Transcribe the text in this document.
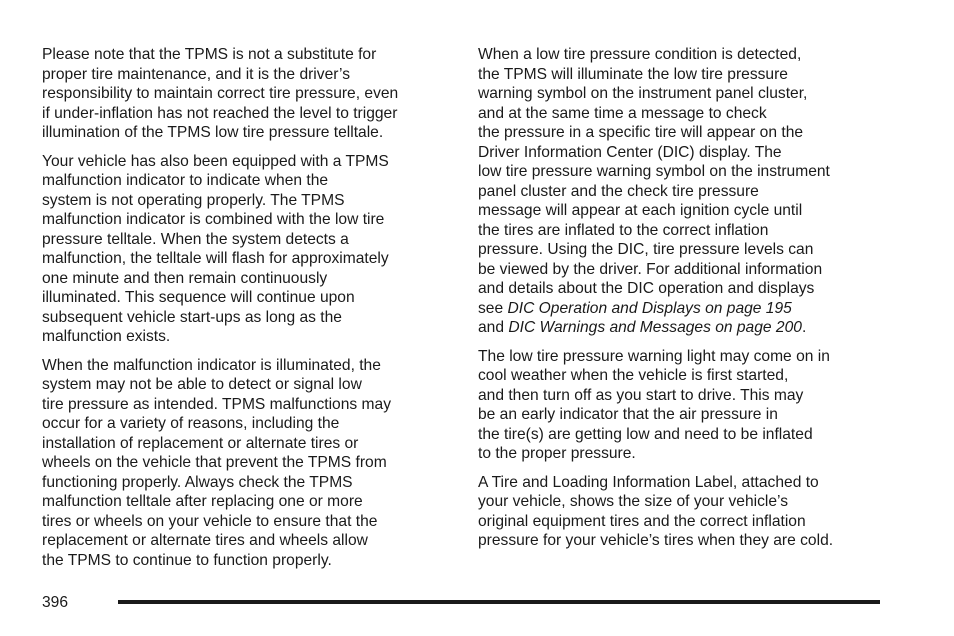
Please note that the TPMS is not a substitute for
proper tire maintenance, and it is the driver’s
responsibility to maintain correct tire pressure, even
if under-inflation has not reached the level to trigger
illumination of the TPMS low tire pressure telltale.

Your vehicle has also been equipped with a TPMS
malfunction indicator to indicate when the
system is not operating properly. The TPMS
malfunction indicator is combined with the low tire
pressure telltale. When the system detects a
malfunction, the telltale will flash for approximately
one minute and then remain continuously
illuminated. This sequence will continue upon
subsequent vehicle start-ups as long as the
malfunction exists.

When the malfunction indicator is illuminated, the
system may not be able to detect or signal low
tire pressure as intended. TPMS malfunctions may
occur for a variety of reasons, including the
installation of replacement or alternate tires or
wheels on the vehicle that prevent the TPMS from
functioning properly. Always check the TPMS
malfunction telltale after replacing one or more
tires or wheels on your vehicle to ensure that the
replacement or alternate tires and wheels allow
the TPMS to continue to function properly.

When a low tire pressure condition is detected,
the TPMS will illuminate the low tire pressure
warning symbol on the instrument panel cluster,
and at the same time a message to check
the pressure in a specific tire will appear on the
Driver Information Center (DIC) display. The
low tire pressure warning symbol on the instrument
panel cluster and the check tire pressure
message will appear at each ignition cycle until
the tires are inflated to the correct inflation
pressure. Using the DIC, tire pressure levels can
be viewed by the driver. For additional information
and details about the DIC operation and displays
see DIC Operation and Displays on page 195
and DIC Warnings and Messages on page 200.

The low tire pressure warning light may come on in
cool weather when the vehicle is first started,
and then turn off as you start to drive. This may
be an early indicator that the air pressure in
the tire(s) are getting low and need to be inflated
to the proper pressure.

A Tire and Loading Information Label, attached to
your vehicle, shows the size of your vehicle’s
original equipment tires and the correct inflation
pressure for your vehicle’s tires when they are cold.

396
